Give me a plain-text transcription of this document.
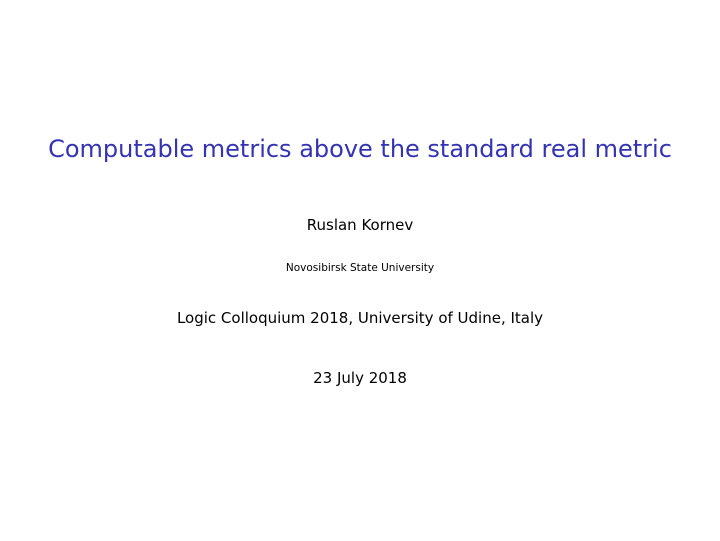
Computable metrics above the standard real metric
Ruslan Kornev
Novosibirsk State University
Logic Colloquium 2018, University of Udine, Italy
23 July 2018
